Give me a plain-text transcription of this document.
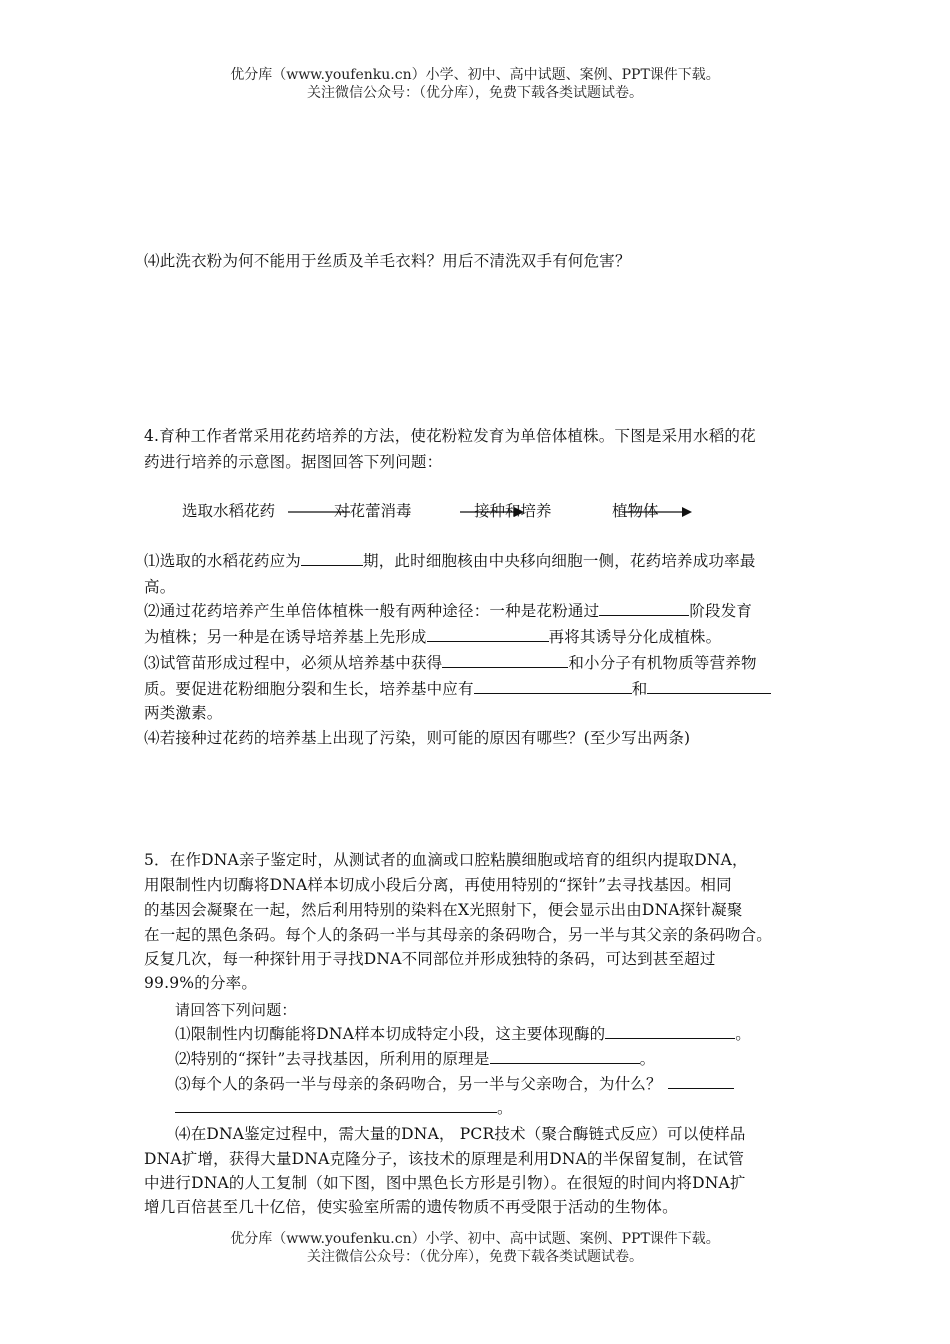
优分库（www.youfenku.cn）小学、初中、高中试题、案例、PPT课件下载。
关注微信公众号：（优分库），免费下载各类试题试卷。
⑷此洗衣粉为何不能用于丝质及羊毛衣料？用后不清洗双手有何危害？
4.育种工作者常采用花药培养的方法，使花粉粒发育为单倍体植株。下图是采用水稻的花
药进行培养的示意图。据图回答下列问题：
选取水稻花药	对花蕾消毒	接种和培养	植物体
⑴选取的水稻花药应为	期，此时细胞核由中央移向细胞一侧，花药培养成功率最
高。
⑵通过花药培养产生单倍体植株一般有两种途径：一种是花粉通过	阶段发育
为植株；另一种是在诱导培养基上先形成	再将其诱导分化成植株。
⑶试管苗形成过程中，必须从培养基中获得	和小分子有机物质等营养物
质。要促进花粉细胞分裂和生长，培养基中应有	和
两类激素。
⑷若接种过花药的培养基上出现了污染，则可能的原因有哪些？(至少写出两条)
5．在作DNA亲子鉴定时，从测试者的血滴或口腔粘膜细胞或培育的组织内提取DNA，
用限制性内切酶将DNA样本切成小段后分离，再使用特别的“探针”去寻找基因。相同
的基因会凝聚在一起，然后利用特别的染料在X光照射下，便会显示出由DNA探针凝聚
在一起的黑色条码。每个人的条码一半与其母亲的条码吻合，另一半与其父亲的条码吻合。
反复几次，每一种探针用于寻找DNA不同部位并形成独特的条码，可达到甚至超过
99.9%的分率。
请回答下列问题：
⑴限制性内切酶能将DNA样本切成特定小段，这主要体现酶的	。
⑵特别的“探针”去寻找基因，所利用的原理是	。
⑶每个人的条码一半与母亲的条码吻合，另一半与父亲吻合，为什么？
。
⑷在DNA鉴定过程中，需大量的DNA， PCR技术（聚合酶链式反应）可以使样品
DNA扩增，获得大量DNA克隆分子，该技术的原理是利用DNA的半保留复制，在试管
中进行DNA的人工复制（如下图，图中黑色长方形是引物）。在很短的时间内将DNA扩
增几百倍甚至几十亿倍，使实验室所需的遗传物质不再受限于活动的生物体。
优分库（www.youfenku.cn）小学、初中、高中试题、案例、PPT课件下载。
关注微信公众号：（优分库），免费下载各类试题试卷。
